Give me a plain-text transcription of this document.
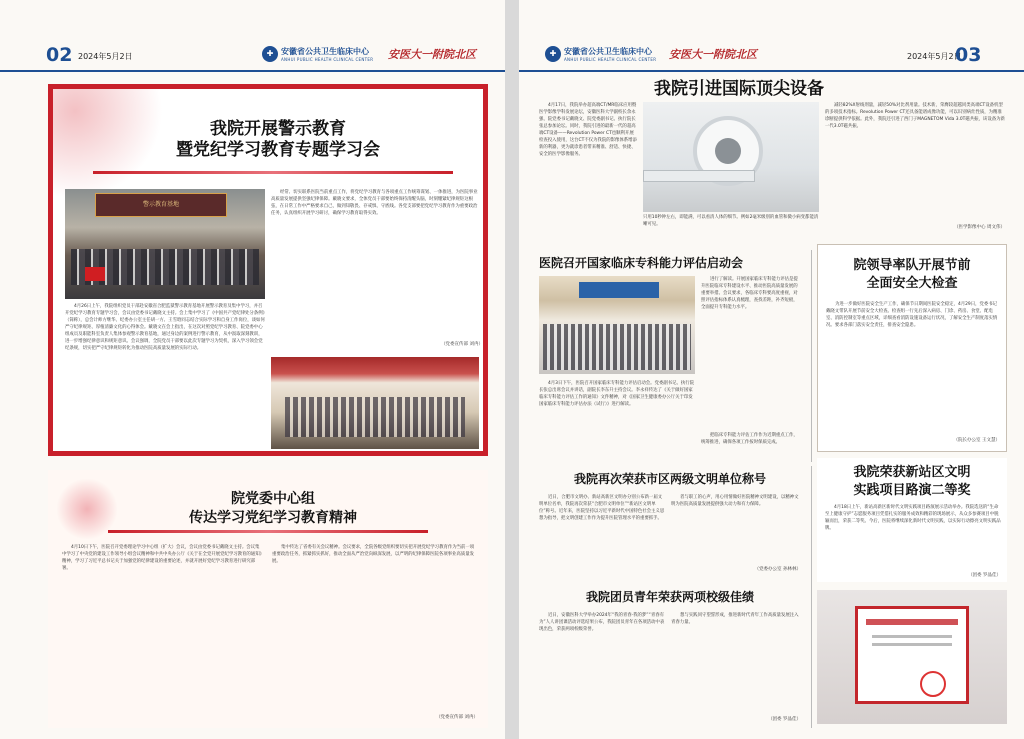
02 2024年5月2日	✚ 安徽省公共卫生临床中心
ANHUI PUBLIC HEALTH CLINICAL CENTER 安医大一附院北区
我院开展警示教育
暨党纪学习教育专题学习会
警示教育基地

4月26日上午，我院组织党员干部赴安徽省合肥监狱警示教育基地开展警示教育及集中学习，并召开党纪学习教育专题学习会，会议由党委书记戴晓文主持。会上集中学习了《中国共产党纪律处分条例》（简称），总会计师方继华、纪委办公室主任胡一方、王雪晗同志结合实际学习和自身工作岗位，谈如何严守纪律规矩、厚植清廉文化的心得体会。戴晓文在会上指出，在这次对照党纪学习教育、院党委中心组成员及职能科室负责人集体参观警示教育基地，通过身边的案例进行警示教育，从中汲取深刻教训，进一步增强纪律意识和规矩意识。会议强调，全院党员干部要以此次专题学习为契机，深入学习领会党纪条规，切实把严守纪律规矩转化为推动医院高质量发展的实际行动。

经常、切实联系医院当前重点工作，将党纪学习教育与各项重点工作统筹谋划、一体推进，为医院事业高质量发展提供坚强纪律保障。戴晓文要求，全体党员干部要始终保持清醒头脑，时刻绷紧纪律规矩这根弦，在日常工作中严格要求自己，做到知敬畏、存戒惧、守底线。各党支部要把党纪学习教育作为重要政治任务，认真组织开展学习研讨，确保学习教育取得实效。

（党委宣传部 刘冉）
院党委中心组
传达学习党纪学习教育精神

4月10日下午，医院召开党委理论学习中心组（扩大）会议，会议由党委书记戴晓文主持。会议集中学习了中央党的建设工作领导小组会议精神和中共中央办公厅《关于在全党开展党纪学习教育的通知》精神，学习了习近平总书记关于加强党的纪律建设的重要论述，并就开展好党纪学习教育进行研究部署。

集中传达了省委有关会议精神。会议要求，全院各级党组织要切实把开展党纪学习教育作为当前一项重要政治任务，抓紧抓实抓好，推动全面从严治党向纵深发展，以严明的纪律保障医院各项事业高质量发展。

（党委宣传部 刘冉）
✚ 安徽省公共卫生临床中心
ANHUI PUBLIC HEALTH CLINICAL CENTER 安医大一附院北区	2024年5月2日
03
我院引进国际顶尖设备

4月17日，我院举办超高端CT/MR临床应用暨医学影像学科发展论坛，安徽医科大学副校长余永强、院党委书记戴晓文、院党委副书记、执行院长张总参加论坛。同时，我院引进的最新一代的超高端CT设备——Revolution Power CT也顺利开展检查投入使用，这台CT不仅为我院的影像体系增添新的利器，更为就诊患者带来精准、舒适、快捷、安全的医学影像服务。

只用10秒钟左右，即能满，可以看清人体的细节。例如2毫米级别的血管和微小病变都能清晰可见。

减轻82%X射线剂量，减轻50%对比剂用量。技术新，荣膺较超越同类高端CT设备机型的多项技术指标。Revolution Power CT还具备能谱成像功能，可以识别病灶性质，为精准诊断提供科学依据。此外，我院还引进了西门子MAGNETOM Vida 3.0T磁共振，该设备为新一代3.0T磁共振。

（医学影像中心 周文伟）
医院召开国家临床专科能力评估启动会

4月3日下午，医院召开国家临床专科能力评估启动会。党委副书记、执行院长张总出席会议并讲话，副院长李东升主持会议。李永祥传达了《关于做好国家临床专科能力评估工作的通知》文件精神，对《国家卫生健康委办公厅关于印发国家临床专科能力评估办法（试行）》进行解读。

进行了解读。开展国家临床专科能力评估是提升医院临床专科建设水平、推动医院高质量发展的重要举措。会议要求，各临床专科要高度重视，对照评估指标体系认真梳理，查找差距，补齐短板，全面提升专科能力水平。

把临床专科能力评估工作作为近期重点工作，统筹推进，确保各项工作按时保质完成。

院领导率队开展节前
全面安全大检查

为进一步做好医院安全生产工作，确保节日期间医院安全稳定，4月29日，党委书记戴晓文带队开展节前安全大检查。检查组一行先后深入病房、门诊、药房、食堂、配电室、消防控制室等重点区域，详细查看消防设施设备运行状况，了解安全生产制度落实情况。要求各部门落实安全责任，排查安全隐患。

（院长办公室 王文慧）
我院荣获新站区文明
实践项目路演二等奖

4月18日上午，新站高新区新时代文明实践项目路演展示活动举办。我院选送的“生命至上健康守护”志愿服务项目凭借扎实的服务成效和精彩的现场展示，从众多参赛项目中脱颖而出，荣获二等奖。今后，医院将继续深化新时代文明实践，以实际行动擦亮文明实践品牌。

（团委 罗晶佳）
我院再次荣获市区两级文明单位称号

近日，合肥市文明办、新站高新区文明办分别公布新一届文明单位名单，我院再次荣获“合肥市文明单位”“新站区文明单位”称号。近年来，医院坚持以习近平新时代中国特色社会主义思想为指导，把文明创建工作作为提升医院管理水平的重要抓手。

者与职工的心声，用心用情做好医院精神文明建设，以精神文明为医院高质量发展提供强大动力和有力保障。

（党委办公室 孙林林）
我院团员青年荣获两项校级佳绩

近日，安徽医科大学举办2024年“我的青春·我的梦”“青春有为”人人讲团课活动评选结果公布，我院团员青年在各项活动中表现出色，荣获两项校级荣誉。

想与实践同守望誓形成，推进新时代青年工作高质量发展注入青春力量。

（团委 罗晶佳）
